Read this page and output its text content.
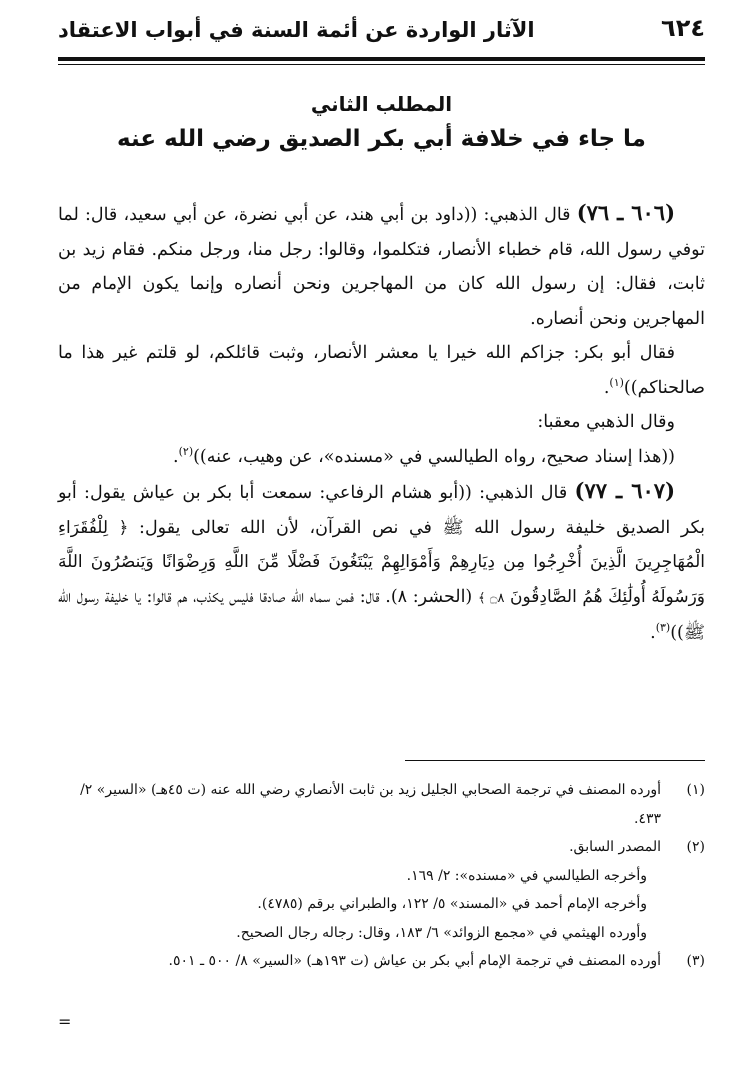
٦٢٤
الآثار الواردة عن أئمة السنة في أبواب الاعتقاد
المطلب الثاني
ما جاء في خلافة أبي بكر الصديق رضي الله عنه

(٦٠٦ ـ ٧٦) قال الذهبي: ((داود بن أبي هند، عن أبي نضرة، عن أبي سعيد، قال: لما توفي رسول الله، قام خطباء الأنصار، فتكلموا، وقالوا: رجل منا، ورجل منكم. فقام زيد بن ثابت، فقال: إن رسول الله كان من المهاجرين ونحن أنصاره وإنما يكون الإمام من المهاجرين ونحن أنصاره.

فقال أبو بكر: جزاكم الله خيرا يا معشر الأنصار، وثبت قائلكم، لو قلتم غير هذا ما صالحناكم))$^{(١)}$.

وقال الذهبي معقبا:

((هذا إسناد صحيح، رواه الطيالسي في «مسنده»، عن وهيب، عنه))$^{(٢)}$.

(٦٠٧ ـ ٧٧) قال الذهبي: ((أبو هشام الرفاعي: سمعت أبا بكر بن عياش يقول: أبو بكر الصديق خليفة رسول الله ﷺ في نص القرآن، لأن الله تعالى يقول: ﴿ لِلْفُقَرَاءِ الْمُهَاجِرِينَ الَّذِينَ أُخْرِجُوا مِن دِيَارِهِمْ وَأَمْوَالِهِمْ يَبْتَغُونَ فَضْلًا مِّنَ اللَّهِ وَرِضْوَانًا وَيَنصُرُونَ اللَّهَ وَرَسُولَهُ أُولَٰئِكَ هُمُ الصَّادِقُونَ ۝٨ ﴾ (الحشر: ٨). قال: فمن سماه الله صادقا فليس يكذب، هم قالوا: يا خليفة رسول الله ﷺ))$^{(٣)}$.

(١)

أورده المصنف في ترجمة الصحابي الجليل زيد بن ثابت الأنصاري رضي الله عنه (ت ٤٥هـ) «السير» ٢/ ٤٣٣.

(٢)

المصدر السابق.

وأخرجه الطيالسي في «مسنده»: ٢/ ١٦٩.

وأخرجه الإمام أحمد في «المسند» ٥/ ١٢٢، والطبراني برقم (٤٧٨٥).

وأورده الهيثمي في «مجمع الزوائد» ٦/ ١٨٣، وقال: رجاله رجال الصحيح.

(٣)

أورده المصنف في ترجمة الإمام أبي بكر بن عياش (ت ١٩٣هـ) «السير» ٨/ ٥٠٠ ـ ٥٠١.

=
